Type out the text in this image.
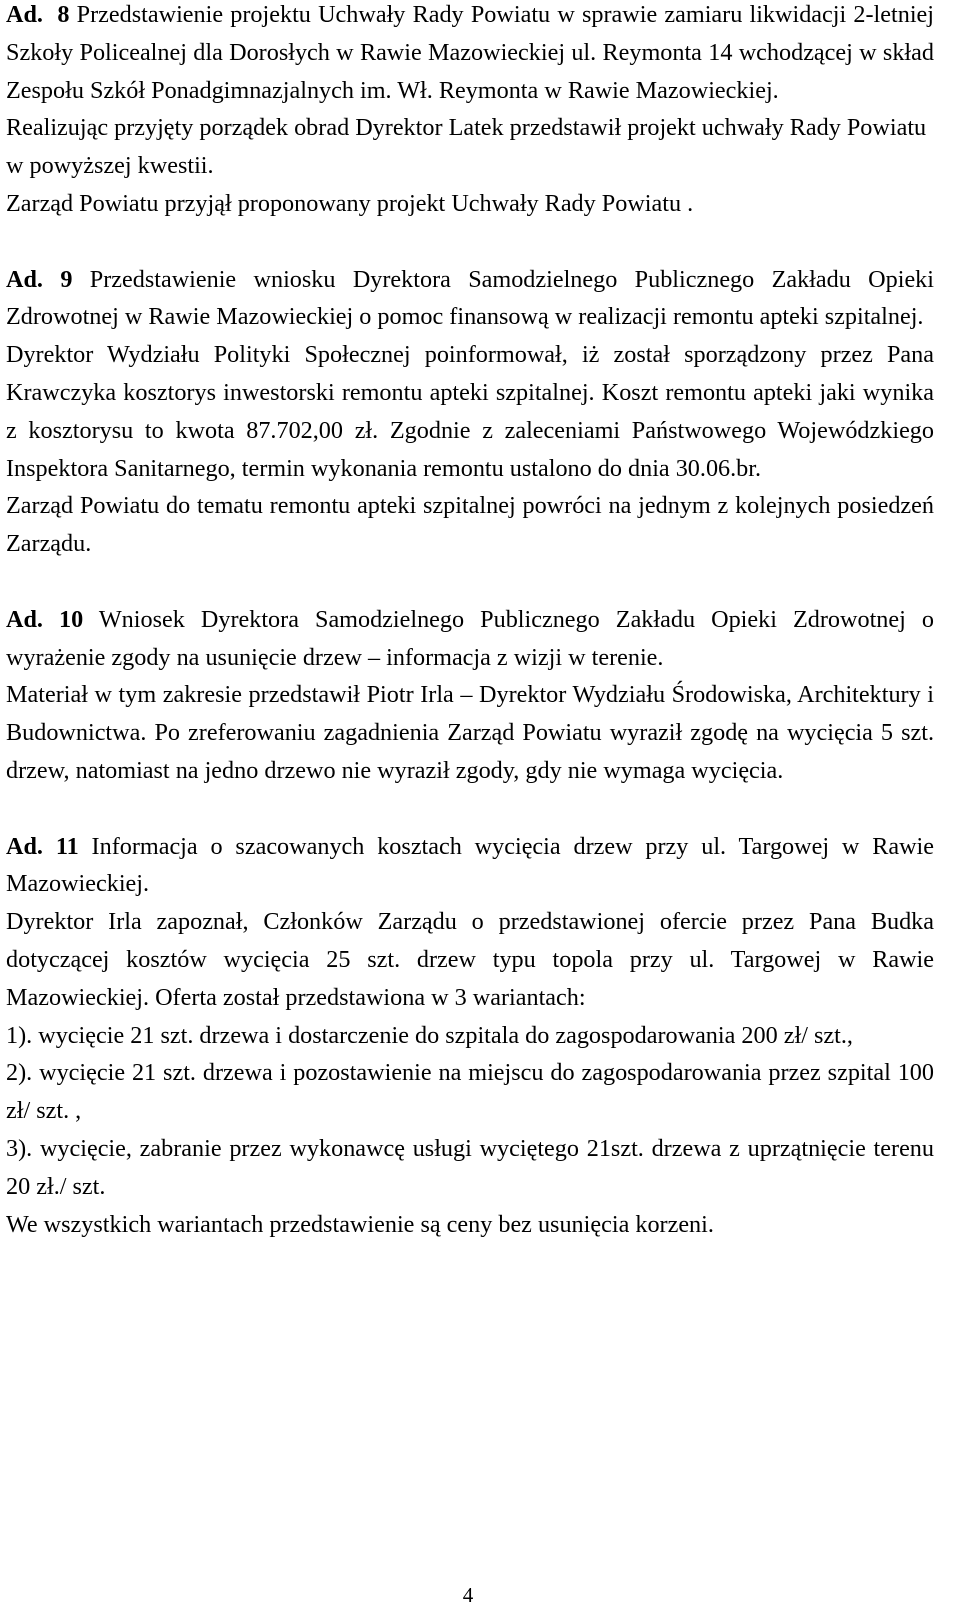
Ad. 8 Przedstawienie projektu Uchwały Rady Powiatu w sprawie zamiaru likwidacji 2-letniej Szkoły Policealnej dla Dorosłych w Rawie Mazowieckiej ul. Reymonta 14 wchodzącej w skład Zespołu Szkół Ponadgimnazjalnych im. Wł. Reymonta w Rawie Mazowieckiej.

Realizując przyjęty porządek obrad Dyrektor Latek przedstawił projekt uchwały Rady Powiatu w powyższej kwestii.

Zarząd Powiatu przyjął proponowany projekt Uchwały Rady Powiatu .

Ad. 9 Przedstawienie wniosku Dyrektora Samodzielnego Publicznego Zakładu Opieki Zdrowotnej w Rawie Mazowieckiej o pomoc finansową w realizacji remontu apteki szpitalnej.

Dyrektor Wydziału Polityki Społecznej poinformował, iż został sporządzony przez Pana Krawczyka kosztorys inwestorski remontu apteki szpitalnej. Koszt remontu apteki jaki wynika z kosztorysu to kwota 87.702,00 zł. Zgodnie z zaleceniami Państwowego Wojewódzkiego Inspektora Sanitarnego, termin wykonania remontu ustalono do dnia 30.06.br.

Zarząd Powiatu do tematu remontu apteki szpitalnej powróci na jednym z kolejnych posiedzeń Zarządu.

Ad. 10 Wniosek Dyrektora Samodzielnego Publicznego Zakładu Opieki Zdrowotnej o wyrażenie zgody na usunięcie drzew – informacja z wizji w terenie.

Materiał w tym zakresie przedstawił Piotr Irla – Dyrektor Wydziału Środowiska, Architektury i Budownictwa. Po zreferowaniu zagadnienia Zarząd Powiatu wyraził zgodę na wycięcia 5 szt. drzew, natomiast na jedno drzewo nie wyraził zgody, gdy nie wymaga wycięcia.

Ad. 11 Informacja o szacowanych kosztach wycięcia drzew przy ul. Targowej w Rawie Mazowieckiej.

Dyrektor Irla zapoznał, Członków Zarządu o przedstawionej ofercie przez Pana Budka dotyczącej kosztów wycięcia 25 szt. drzew typu topola przy ul. Targowej w Rawie Mazowieckiej. Oferta został przedstawiona w 3 wariantach:

1). wycięcie 21 szt. drzewa i dostarczenie do szpitala do zagospodarowania 200 zł/ szt.,

2). wycięcie 21 szt. drzewa i pozostawienie na miejscu do zagospodarowania przez szpital 100 zł/ szt. ,

3). wycięcie, zabranie przez wykonawcę usługi wyciętego 21szt. drzewa z uprzątnięcie terenu 20 zł./ szt.

We wszystkich wariantach przedstawienie są ceny bez usunięcia korzeni.

4
